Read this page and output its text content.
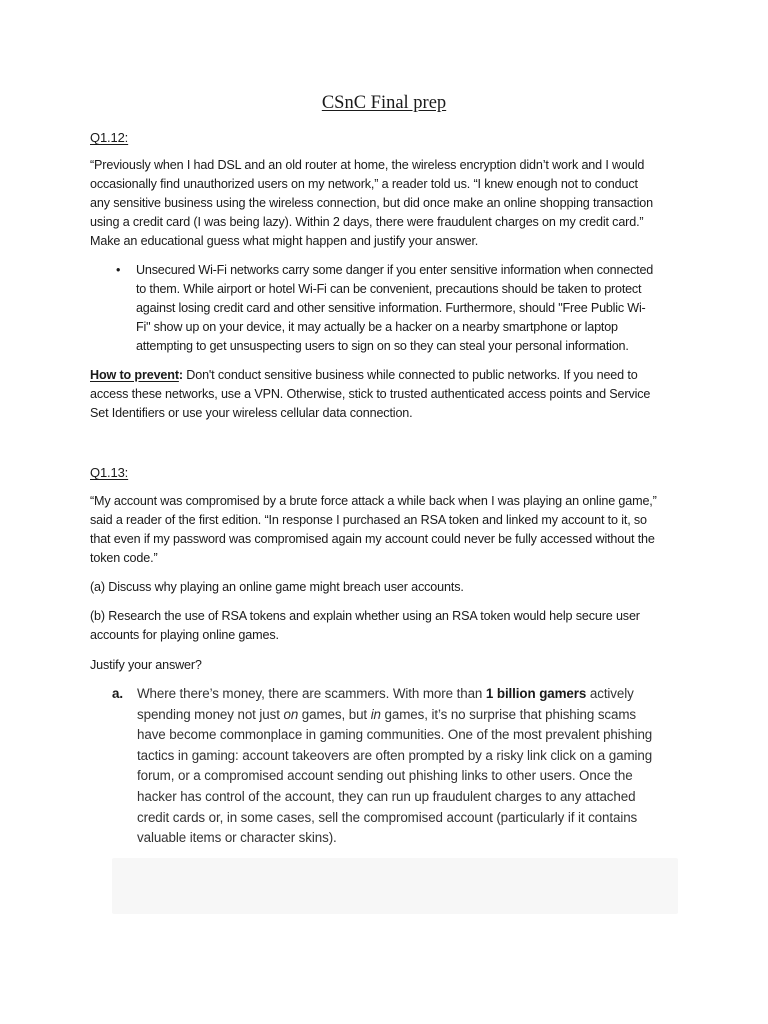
CSnC Final prep
Q1.12:

“Previously when I had DSL and an old router at home, the wireless encryption didn’t work and I would

occasionally find unauthorized users on my network,” a reader told us. “I knew enough not to conduct

any sensitive business using the wireless connection, but did once make an online shopping transaction

using a credit card (I was being lazy). Within 2 days, there were fraudulent charges on my credit card.”

Make an educational guess what might happen and justify your answer.

• Unsecured Wi-Fi networks carry some danger if you enter sensitive information when connected

to them. While airport or hotel Wi-Fi can be convenient, precautions should be taken to protect

against losing credit card and other sensitive information. Furthermore, should "Free Public Wi-

Fi" show up on your device, it may actually be a hacker on a nearby smartphone or laptop

attempting to get unsuspecting users to sign on so they can steal your personal information.

How to prevent: Don't conduct sensitive business while connected to public networks. If you need to

access these networks, use a VPN. Otherwise, stick to trusted authenticated access points and Service

Set Identifiers or use your wireless cellular data connection.

Q1.13:

“My account was compromised by a brute force attack a while back when I was playing an online game,”

said a reader of the first edition. “In response I purchased an RSA token and linked my account to it, so

that even if my password was compromised again my account could never be fully accessed without the

token code.”

(a) Discuss why playing an online game might breach user accounts.

(b) Research the use of RSA tokens and explain whether using an RSA token would help secure user

accounts for playing online games.

Justify your answer?

a. Where there’s money, there are scammers. With more than 1 billion gamers actively
spending money not just on games, but in games, it’s no surprise that phishing scams
have become commonplace in gaming communities. One of the most prevalent phishing
tactics in gaming: account takeovers are often prompted by a risky link click on a gaming
forum, or a compromised account sending out phishing links to other users. Once the
hacker has control of the account, they can run up fraudulent charges to any attached
credit cards or, in some cases, sell the compromised account (particularly if it contains
valuable items or character skins).
